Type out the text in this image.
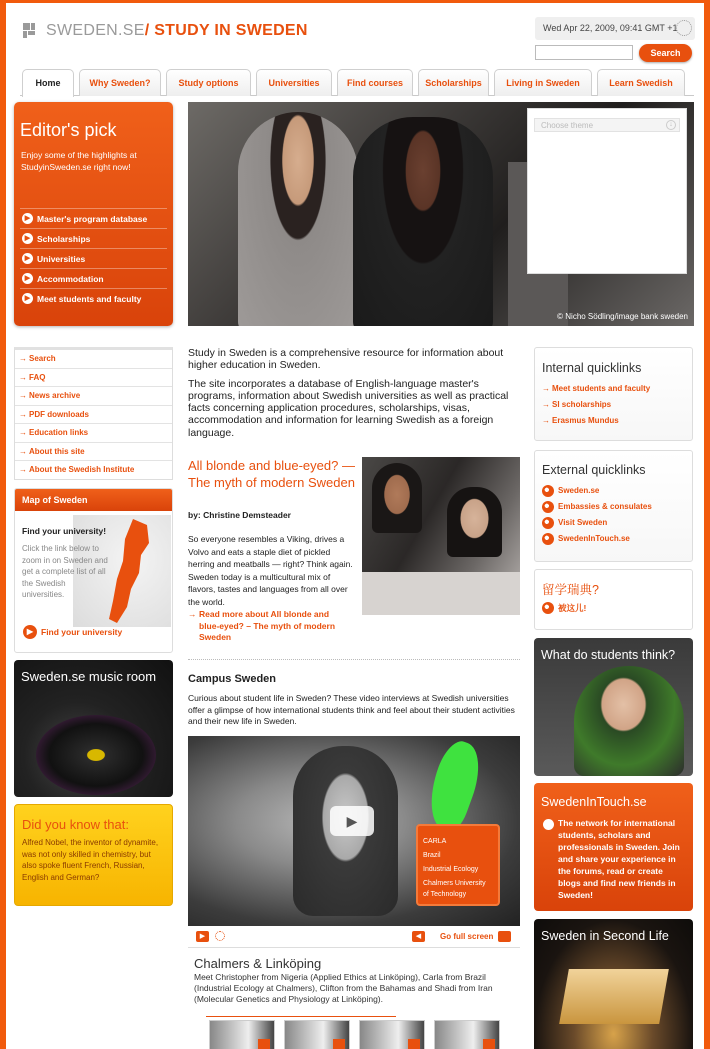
SWEDEN.SE/ STUDY IN SWEDEN	Wed Apr 22, 2009, 09:41 GMT +1
Search
Home	Why Sweden?	Study options	Universities	Find courses	Scholarships	Living in Sweden	Learn Swedish
Editor's pick

Enjoy some of the highlights at StudyinSweden.se right now!

▶ Master's program database
▶ Scholarships
▶ Universities
▶ Accommodation
▶ Meet students and faculty
Choose theme	↓
© Nicho Södling/image bank sweden
→ Search
→ FAQ
→ News archive
→ PDF downloads
→ Education links
→ About this site
→ About the Swedish Institute
Map of Sweden
Find your university!
Click the link below to zoom in on Sweden and get a complete list of all the Swedish universities.
▶ Find your university
Sweden.se music room
Did you know that:

Alfred Nobel, the inventor of dynamite, was not only skilled in chemistry, but also spoke fluent French, Russian, English and German?

Study in Sweden is a comprehensive resource for information about higher education in Sweden.

The site incorporates a database of English-language master's programs, information about Swedish universities as well as practical facts concerning application procedures, scholarships, visas, accommodation and information for learning Swedish as a foreign language.

All blonde and blue-eyed? — The myth of modern Sweden
by: Christine Demsteader
So everyone resembles a Viking, drives a Volvo and eats a staple diet of pickled herring and meatballs — right? Think again. Sweden today is a multicultural mix of flavors, tastes and languages from all over the world.
→ Read more about All blonde and blue-eyed? – The myth of modern Sweden
Campus Sweden
Curious about student life in Sweden? These video interviews at Swedish universities offer a glimpse of how international students think and feel about their student activities and their new life in Sweden.
▶
CARLA
Brazil
Industrial Ecology
Chalmers University of Technology
▶	◀	Go full screen
Chalmers & Linköping
Meet Christopher from Nigeria (Applied Ethics at Linköping), Carla from Brazil (Industrial Ecology at Chalmers), Clifton from the Bahamas and Shadi from Iran (Molecular Genetics and Physiology at Linköping).
Internal quicklinks
→ Meet students and faculty
→ SI scholarships
→ Erasmus Mundus
External quicklinks
Sweden.se
Embassies & consulates
Visit Sweden
SwedenInTouch.se
留学瑞典?
被这儿!
What do students think?
SwedenInTouch.se

The network for international students, scholars and professionals in Sweden. Join and share your experience in the forums, read or create blogs and find new friends in Sweden!

Sweden in Second Life
